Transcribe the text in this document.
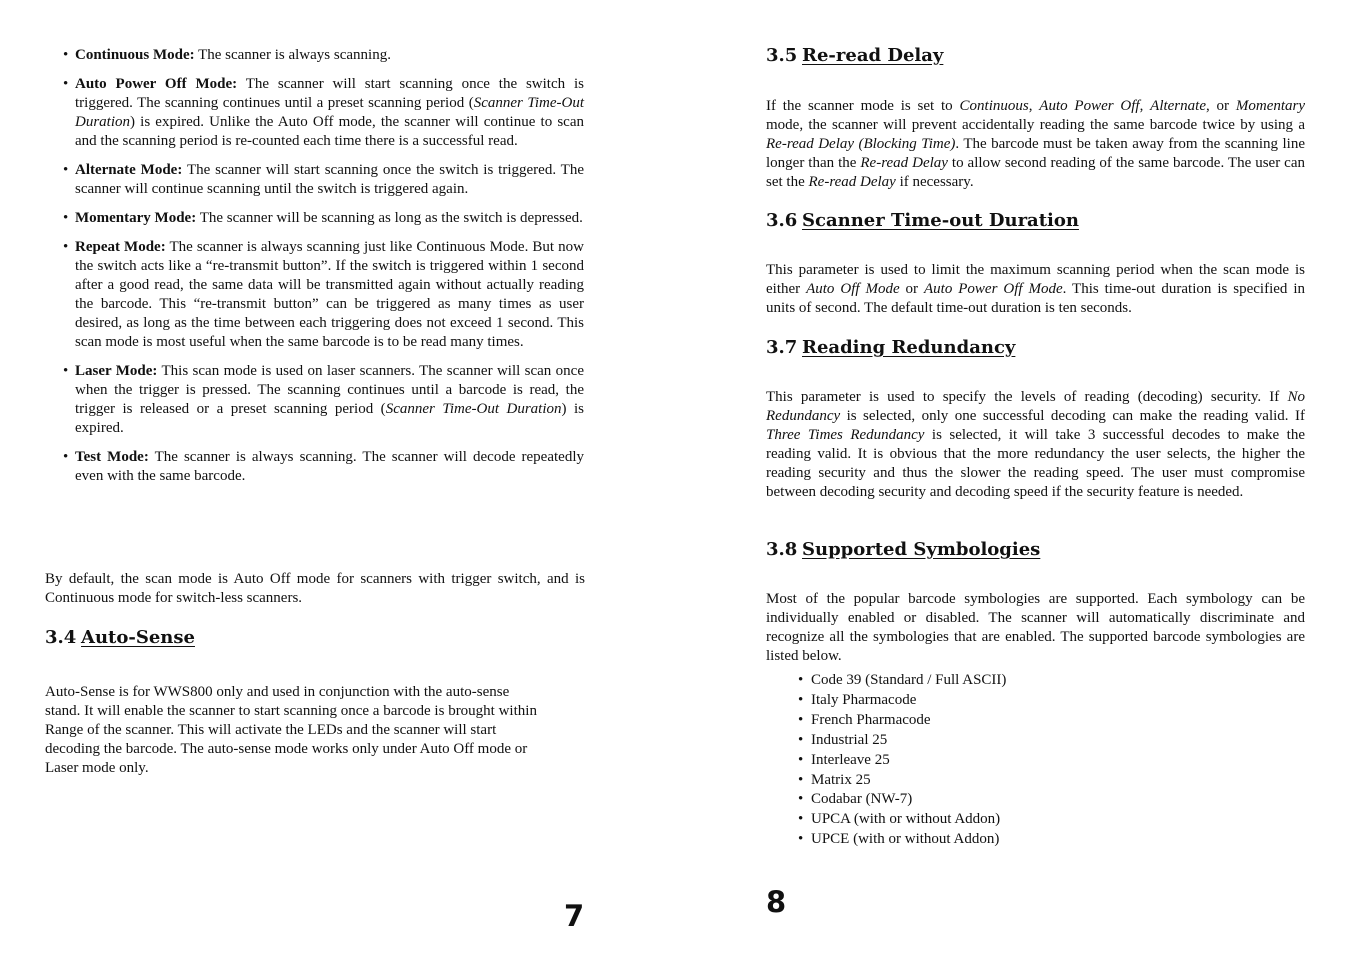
• Continuous Mode: The scanner is always scanning.
• Auto Power Off Mode: The scanner will start scanning once the switch is triggered. The scanning continues until a preset scanning period (Scanner Time-Out Duration) is expired. Unlike the Auto Off mode, the scanner will continue to scan and the scanning period is re-counted each time there is a successful read.
• Alternate Mode: The scanner will start scanning once the switch is triggered. The scanner will continue scanning until the switch is triggered again.
• Momentary Mode: The scanner will be scanning as long as the switch is depressed.
• Repeat Mode: The scanner is always scanning just like Continuous Mode. But now the switch acts like a “re-transmit button”. If the switch is triggered within 1 second after a good read, the same data will be transmitted again without actually reading the barcode. This “re-transmit button” can be triggered as many times as user desired, as long as the time between each triggering does not exceed 1 second. This scan mode is most useful when the same barcode is to be read many times.
• Laser Mode: This scan mode is used on laser scanners. The scanner will scan once when the trigger is pressed. The scanning continues until a barcode is read, the trigger is released or a preset scanning period (Scanner Time-Out Duration) is expired.
• Test Mode: The scanner is always scanning. The scanner will decode repeatedly even with the same barcode.

By default, the scan mode is Auto Off mode for scanners with trigger switch, and is Continuous mode for switch-less scanners.

3.4 Auto-Sense

Auto-Sense is for WWS800 only and used in conjunction with the auto-sense

stand. It will enable the scanner to start scanning once a barcode is brought within

Range of the scanner. This will activate the LEDs and the scanner will start

decoding the barcode. The auto-sense mode works only under Auto Off mode or

Laser mode only.

7
3.5 Re-read Delay

If the scanner mode is set to Continuous, Auto Power Off, Alternate, or Momentary mode, the scanner will prevent accidentally reading the same barcode twice by using a Re-read Delay (Blocking Time). The barcode must be taken away from the scanning line longer than the Re-read Delay to allow second reading of the same barcode. The user can set the Re-read Delay if necessary.

3.6 Scanner Time-out Duration

This parameter is used to limit the maximum scanning period when the scan mode is either Auto Off Mode or Auto Power Off Mode. This time-out duration is specified in units of second. The default time-out duration is ten seconds.

3.7 Reading Redundancy

This parameter is used to specify the levels of reading (decoding) security. If No Redundancy is selected, only one successful decoding can make the reading valid. If Three Times Redundancy is selected, it will take 3 successful decodes to make the reading valid. It is obvious that the more redundancy the user selects, the higher the reading security and thus the slower the reading speed. The user must compromise between decoding security and decoding speed if the security feature is needed.

3.8 Supported Symbologies

Most of the popular barcode symbologies are supported. Each symbology can be individually enabled or disabled. The scanner will automatically discriminate and recognize all the symbologies that are enabled. The supported barcode symbologies are listed below.

• Code 39 (Standard / Full ASCII)
• Italy Pharmacode
• French Pharmacode
• Industrial 25
• Interleave 25
• Matrix 25
• Codabar (NW-7)
• UPCA (with or without Addon)
• UPCE (with or without Addon)
8
